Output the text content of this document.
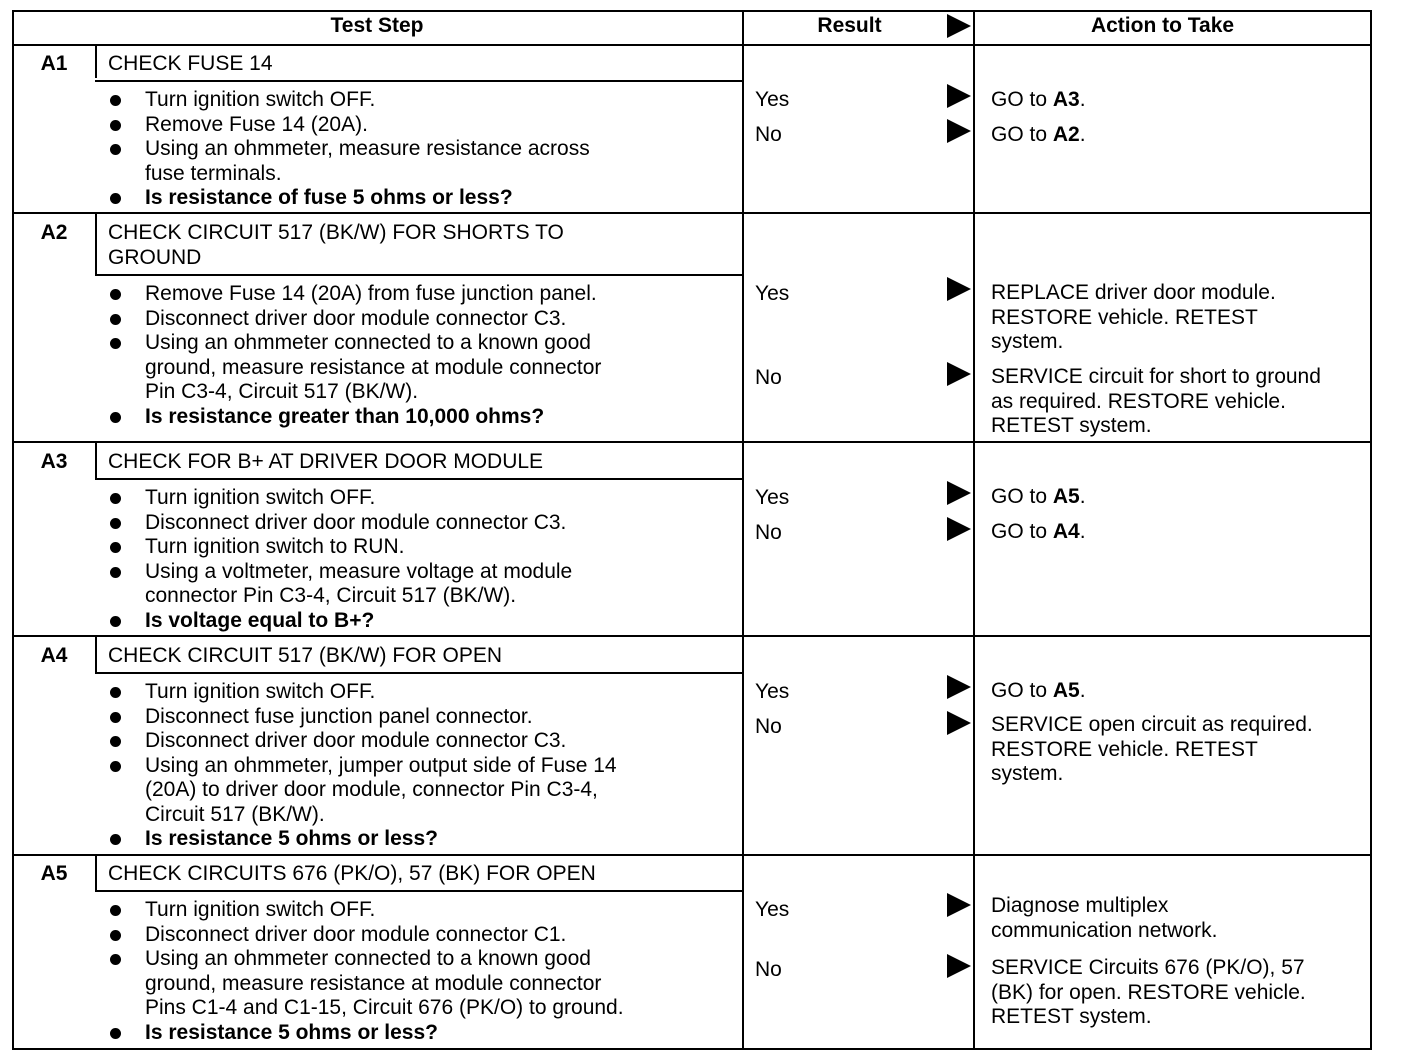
Test Step	Result	Action to Take
A1	CHECK FUSE 14
Turn ignition switch OFF.
Remove Fuse 14 (20A).
Using an ohmmeter, measure resistance across
fuse terminals.
Is resistance of fuse 5 ohms or less?
Yes	GO to A3.
No	GO to A2.
A2	CHECK CIRCUIT 517 (BK/W) FOR SHORTS TO
GROUND
Remove Fuse 14 (20A) from fuse junction panel.
Disconnect driver door module connector C3.
Using an ohmmeter connected to a known good
ground, measure resistance at module connector
Pin C3-4, Circuit 517 (BK/W).
Is resistance greater than 10,000 ohms?
Yes	REPLACE driver door module.
RESTORE vehicle. RETEST
system.
No	SERVICE circuit for short to ground
as required. RESTORE vehicle.
RETEST system.
A3	CHECK FOR B+ AT DRIVER DOOR MODULE
Turn ignition switch OFF.
Disconnect driver door module connector C3.
Turn ignition switch to RUN.
Using a voltmeter, measure voltage at module
connector Pin C3-4, Circuit 517 (BK/W).
Is voltage equal to B+?
Yes	GO to A5.
No	GO to A4.
A4	CHECK CIRCUIT 517 (BK/W) FOR OPEN
Turn ignition switch OFF.
Disconnect fuse junction panel connector.
Disconnect driver door module connector C3.
Using an ohmmeter, jumper output side of Fuse 14
(20A) to driver door module, connector Pin C3-4,
Circuit 517 (BK/W).
Is resistance 5 ohms or less?
Yes	GO to A5.
No	SERVICE open circuit as required.
RESTORE vehicle. RETEST
system.
A5	CHECK CIRCUITS 676 (PK/O), 57 (BK) FOR OPEN
Turn ignition switch OFF.
Disconnect driver door module connector C1.
Using an ohmmeter connected to a known good
ground, measure resistance at module connector
Pins C1-4 and C1-15, Circuit 676 (PK/O) to ground.
Is resistance 5 ohms or less?
Yes	Diagnose multiplex
communication network.
No	SERVICE Circuits 676 (PK/O), 57
(BK) for open. RESTORE vehicle.
RETEST system.
